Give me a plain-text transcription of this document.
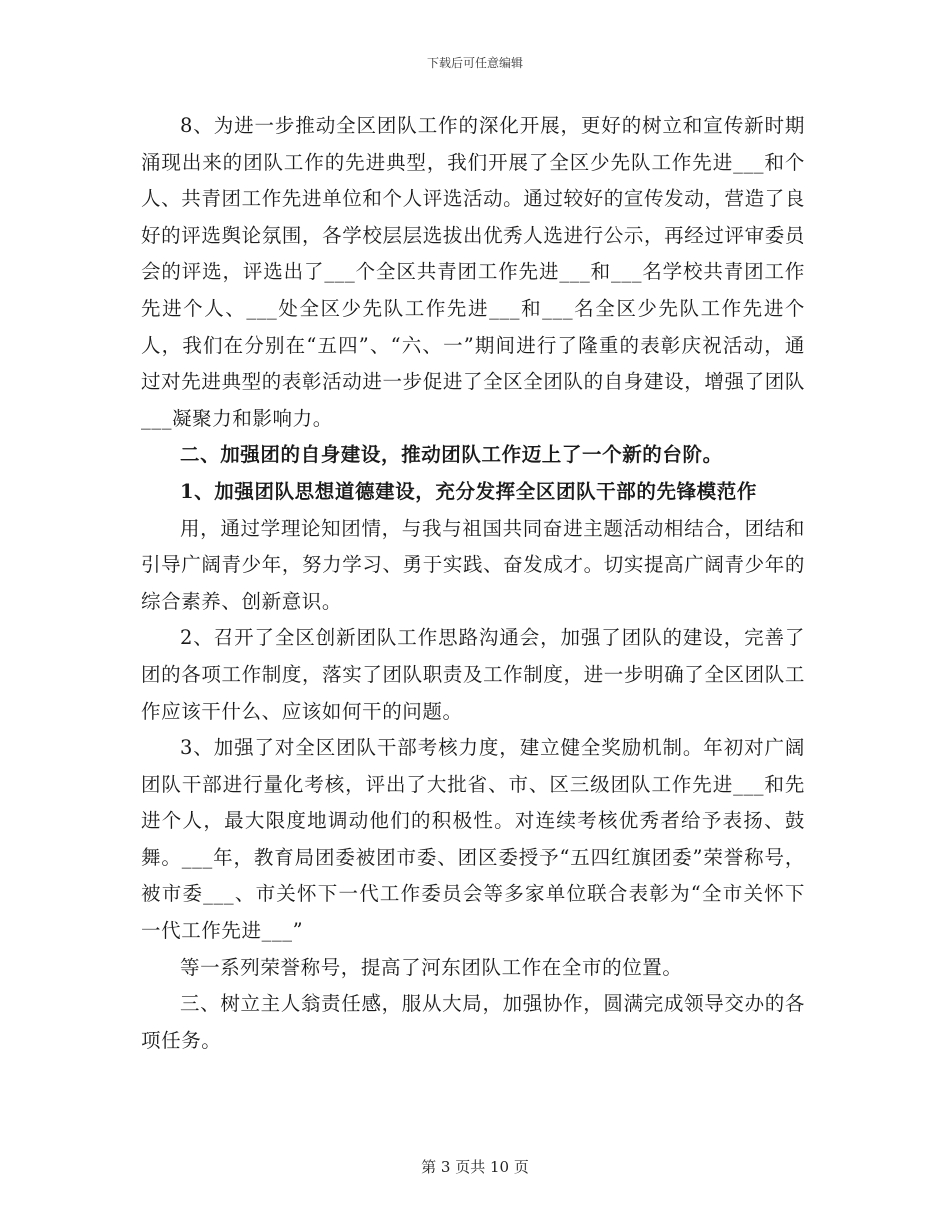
下载后可任意编辑

8、为进一步推动全区团队工作的深化开展，更好的树立和宣传新时期涌现出来的团队工作的先进典型，我们开展了全区少先队工作先进___和个人、共青团工作先进单位和个人评选活动。通过较好的宣传发动，营造了良好的评选舆论氛围，各学校层层选拔出优秀人选进行公示，再经过评审委员会的评选，评选出了___个全区共青团工作先进___和___名学校共青团工作先进个人、___处全区少先队工作先进___和___名全区少先队工作先进个人，我们在分别在“五四”、“六、一”期间进行了隆重的表彰庆祝活动，通过对先进典型的表彰活动进一步促进了全区全团队的自身建设，增强了团队___凝聚力和影响力。

二、加强团的自身建设，推动团队工作迈上了一个新的台阶。

1、加强团队思想道德建设，充分发挥全区团队干部的先锋模范作

用，通过学理论知团情，与我与祖国共同奋进主题活动相结合，团结和引导广阔青少年，努力学习、勇于实践、奋发成才。切实提高广阔青少年的综合素养、创新意识。

2、召开了全区创新团队工作思路沟通会，加强了团队的建设，完善了团的各项工作制度，落实了团队职责及工作制度，进一步明确了全区团队工作应该干什么、应该如何干的问题。

3、加强了对全区团队干部考核力度，建立健全奖励机制。年初对广阔团队干部进行量化考核，评出了大批省、市、区三级团队工作先进___和先进个人，最大限度地调动他们的积极性。对连续考核优秀者给予表扬、鼓舞。___年，教育局团委被团市委、团区委授予“五四红旗团委”荣誉称号，被市委___、市关怀下一代工作委员会等多家单位联合表彰为“全市关怀下一代工作先进___”

等一系列荣誉称号，提高了河东团队工作在全市的位置。

三、树立主人翁责任感，服从大局，加强协作，圆满完成领导交办的各项任务。

第 3 页共 10 页
